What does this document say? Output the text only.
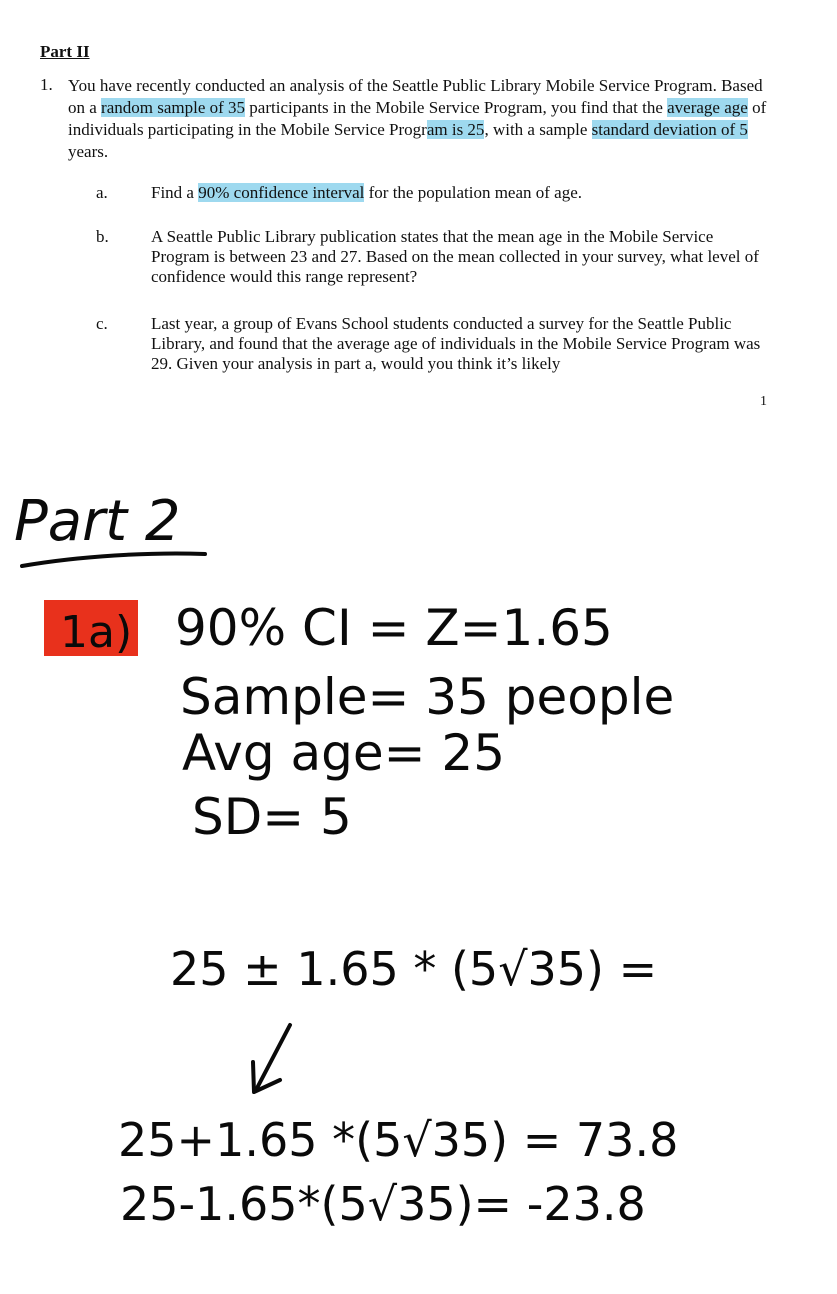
Part II
1. You have recently conducted an analysis of the Seattle Public Library Mobile Service Program. Based on a random sample of 35 participants in the Mobile Service Program, you find that the average age of individuals participating in the Mobile Service Program is 25, with a sample standard deviation of 5 years.
a.	Find a 90% confidence interval for the population mean of age.
b. A Seattle Public Library publication states that the mean age in the Mobile Service Program is between 23 and 27. Based on the mean collected in your survey, what level of confidence would this range represent?
c.	Last year, a group of Evans School students conducted a survey for the Seattle Public Library, and found that the average age of individuals in the Mobile Service Program was 29. Given your analysis in part a, would you think it’s likely
1
Part 2
1a) 90% CI = Z=1.65
Sample= 35 people
Avg age= 25
SD= 5
25 ± 1.65 * (5√35) =
25+1.65 *(5√35) = 73.8
25-1.65*(5√35)= -23.8
